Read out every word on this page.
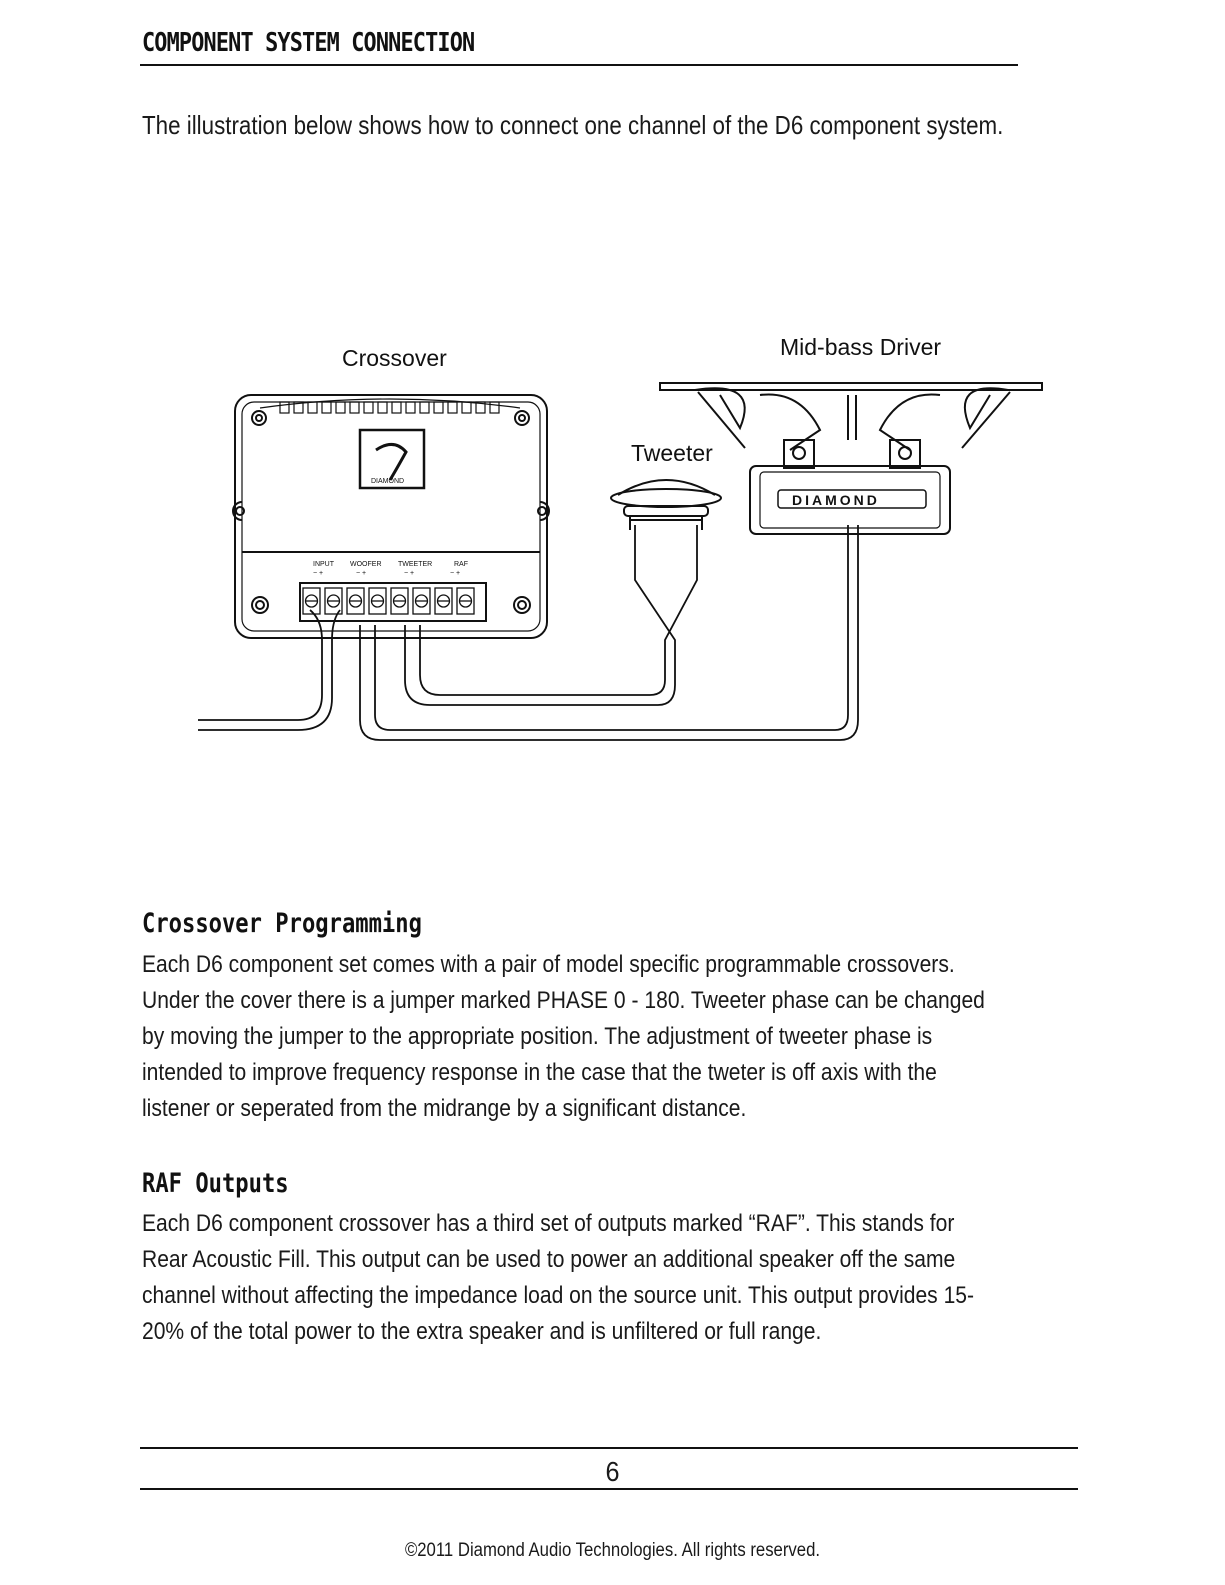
COMPONENT SYSTEM CONNECTION

The illustration below shows how to connect one channel of the D6 component system.

Crossover	Mid-bass Driver
Tweeter
DIAMOND
INPUT WOOFER TWEETER	RAF
− +	− +	− +	− +
DIAMOND
Crossover Programming
Each D6 component set comes with a pair of model specific programmable crossovers.
Under the cover there is a jumper marked PHASE 0 - 180. Tweeter phase can be changed
by moving the jumper to the appropriate position. The adjustment of tweeter phase is
intended to improve frequency response in the case that the tweter is off axis with the
listener or seperated from the midrange by a significant distance.
RAF Outputs
Each D6 component crossover has a third set of outputs marked “RAF”. This stands for
Rear Acoustic Fill. This output can be used to power an additional speaker off the same
channel without affecting the impedance load on the source unit. This output provides 15-
20% of the total power to the extra speaker and is unfiltered or full range.
6
©2011 Diamond Audio Technologies. All rights reserved.
